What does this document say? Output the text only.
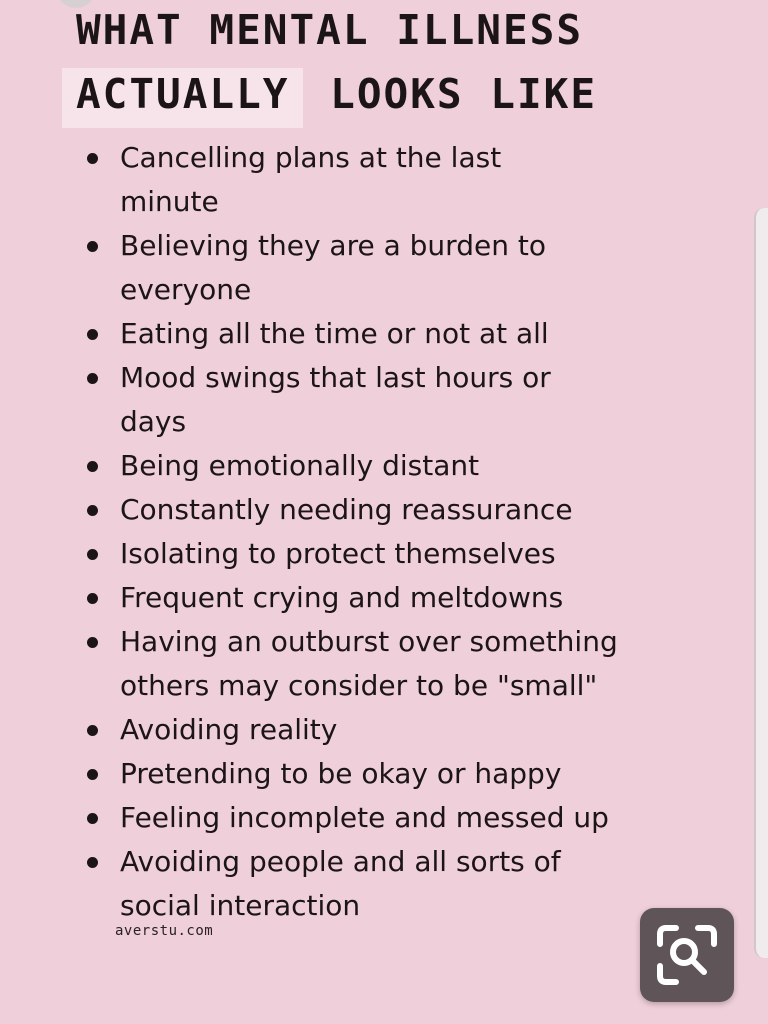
WHAT MENTAL ILLNESS
ACTUALLY LOOKS LIKE
Cancelling plans at the last
minute
Believing they are a burden to
everyone
Eating all the time or not at all
Mood swings that last hours or
days
Being emotionally distant
Constantly needing reassurance
Isolating to protect themselves
Frequent crying and meltdowns
Having an outburst over something
others may consider to be "small"
Avoiding reality
Pretending to be okay or happy
Feeling incomplete and messed up
Avoiding people and all sorts of
social interaction
averstu.com
